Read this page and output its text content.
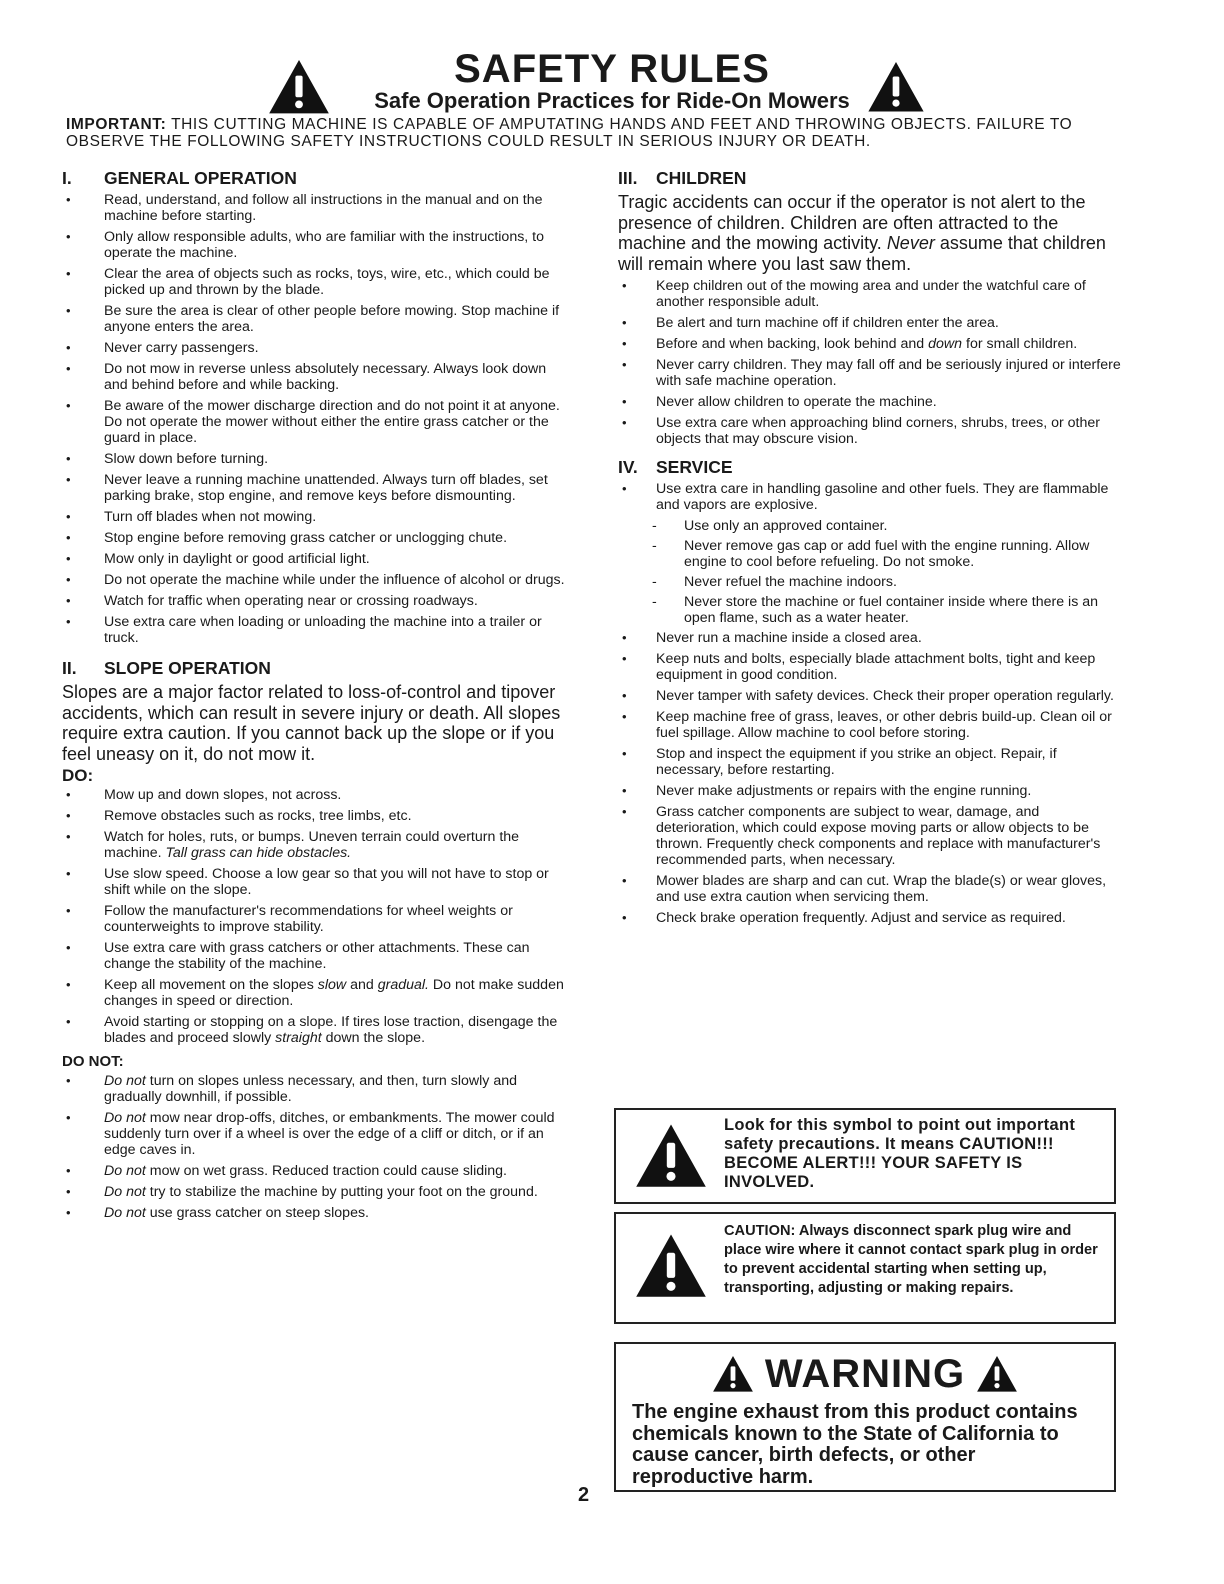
SAFETY RULES
Safe Operation Practices for Ride-On Mowers
IMPORTANT: THIS CUTTING MACHINE IS CAPABLE OF AMPUTATING HANDS AND FEET AND THROWING OBJECTS. FAILURE TO OBSERVE THE FOLLOWING SAFETY INSTRUCTIONS COULD RESULT IN SERIOUS INJURY OR DEATH.
I.	GENERAL OPERATION
• Read, understand, and follow all instructions in the manual and on the machine before starting.
• Only allow responsible adults, who are familiar with the instructions, to operate the machine.
• Clear the area of objects such as rocks, toys, wire, etc., which could be picked up and thrown by the blade.
• Be sure the area is clear of other people before mowing. Stop machine if anyone enters the area.
• Never carry passengers.
• Do not mow in reverse unless absolutely necessary. Always look down and behind before and while backing.
• Be aware of the mower discharge direction and do not point it at anyone. Do not operate the mower without either the entire grass catcher or the guard in place.
• Slow down before turning.
• Never leave a running machine unattended. Always turn off blades, set parking brake, stop engine, and remove keys before dismounting.
• Turn off blades when not mowing.
• Stop engine before removing grass catcher or unclogging chute.
• Mow only in daylight or good artificial light.
• Do not operate the machine while under the influence of alcohol or drugs.
• Watch for traffic when operating near or crossing roadways.
• Use extra care when loading or unloading the machine into a trailer or truck.
II.	SLOPE OPERATION

Slopes are a major factor related to loss-of-control and tipover accidents, which can result in severe injury or death. All slopes require extra caution. If you cannot back up the slope or if you feel uneasy on it, do not mow it.

DO:
• Mow up and down slopes, not across.
• Remove obstacles such as rocks, tree limbs, etc.
• Watch for holes, ruts, or bumps. Uneven terrain could overturn the machine. Tall grass can hide obstacles.
• Use slow speed. Choose a low gear so that you will not have to stop or shift while on the slope.
• Follow the manufacturer's recommendations for wheel weights or counterweights to improve stability.
• Use extra care with grass catchers or other attachments. These can change the stability of the machine.
• Keep all movement on the slopes slow and gradual. Do not make sudden changes in speed or direction.
• Avoid starting or stopping on a slope. If tires lose traction, disengage the blades and proceed slowly straight down the slope.
DO NOT:
• Do not turn on slopes unless necessary, and then, turn slowly and gradually downhill, if possible.
• Do not mow near drop-offs, ditches, or embankments. The mower could suddenly turn over if a wheel is over the edge of a cliff or ditch, or if an edge caves in.
• Do not mow on wet grass. Reduced traction could cause sliding.
• Do not try to stabilize the machine by putting your foot on the ground.
• Do not use grass catcher on steep slopes.
III.	CHILDREN

Tragic accidents can occur if the operator is not alert to the presence of children. Children are often attracted to the machine and the mowing activity. Never assume that children will remain where you last saw them.

• Keep children out of the mowing area and under the watchful care of another responsible adult.
• Be alert and turn machine off if children enter the area.
• Before and when backing, look behind and down for small children.
• Never carry children. They may fall off and be seriously injured or interfere with safe machine operation.
• Never allow children to operate the machine.
• Use extra care when approaching blind corners, shrubs, trees, or other objects that may obscure vision.
IV.	SERVICE
• Use extra care in handling gasoline and other fuels. They are flammable and vapors are explosive.
- Use only an approved container.
- Never remove gas cap or add fuel with the engine running. Allow engine to cool before refueling. Do not smoke.
- Never refuel the machine indoors.
- Never store the machine or fuel container inside where there is an open flame, such as a water heater.
• Never run a machine inside a closed area.
• Keep nuts and bolts, especially blade attachment bolts, tight and keep equipment in good condition.
• Never tamper with safety devices. Check their proper operation regularly.
• Keep machine free of grass, leaves, or other debris build-up. Clean oil or fuel spillage. Allow machine to cool before storing.
• Stop and inspect the equipment if you strike an object. Repair, if necessary, before restarting.
• Never make adjustments or repairs with the engine running.
• Grass catcher components are subject to wear, damage, and deterioration, which could expose moving parts or allow objects to be thrown. Frequently check components and replace with manufacturer's recommended parts, when necessary.
• Mower blades are sharp and can cut. Wrap the blade(s) or wear gloves, and use extra caution when servicing them.
• Check brake operation frequently. Adjust and service as required.
Look for this symbol to point out important safety precautions. It means CAUTION!!! BECOME ALERT!!! YOUR SAFETY IS INVOLVED.
CAUTION: Always disconnect spark plug wire and place wire where it cannot contact spark plug in order to prevent accidental starting when setting up, transporting, adjusting or making repairs.
WARNING
The engine exhaust from this product contains chemicals known to the State of California to cause cancer, birth defects, or other reproductive harm.
2
